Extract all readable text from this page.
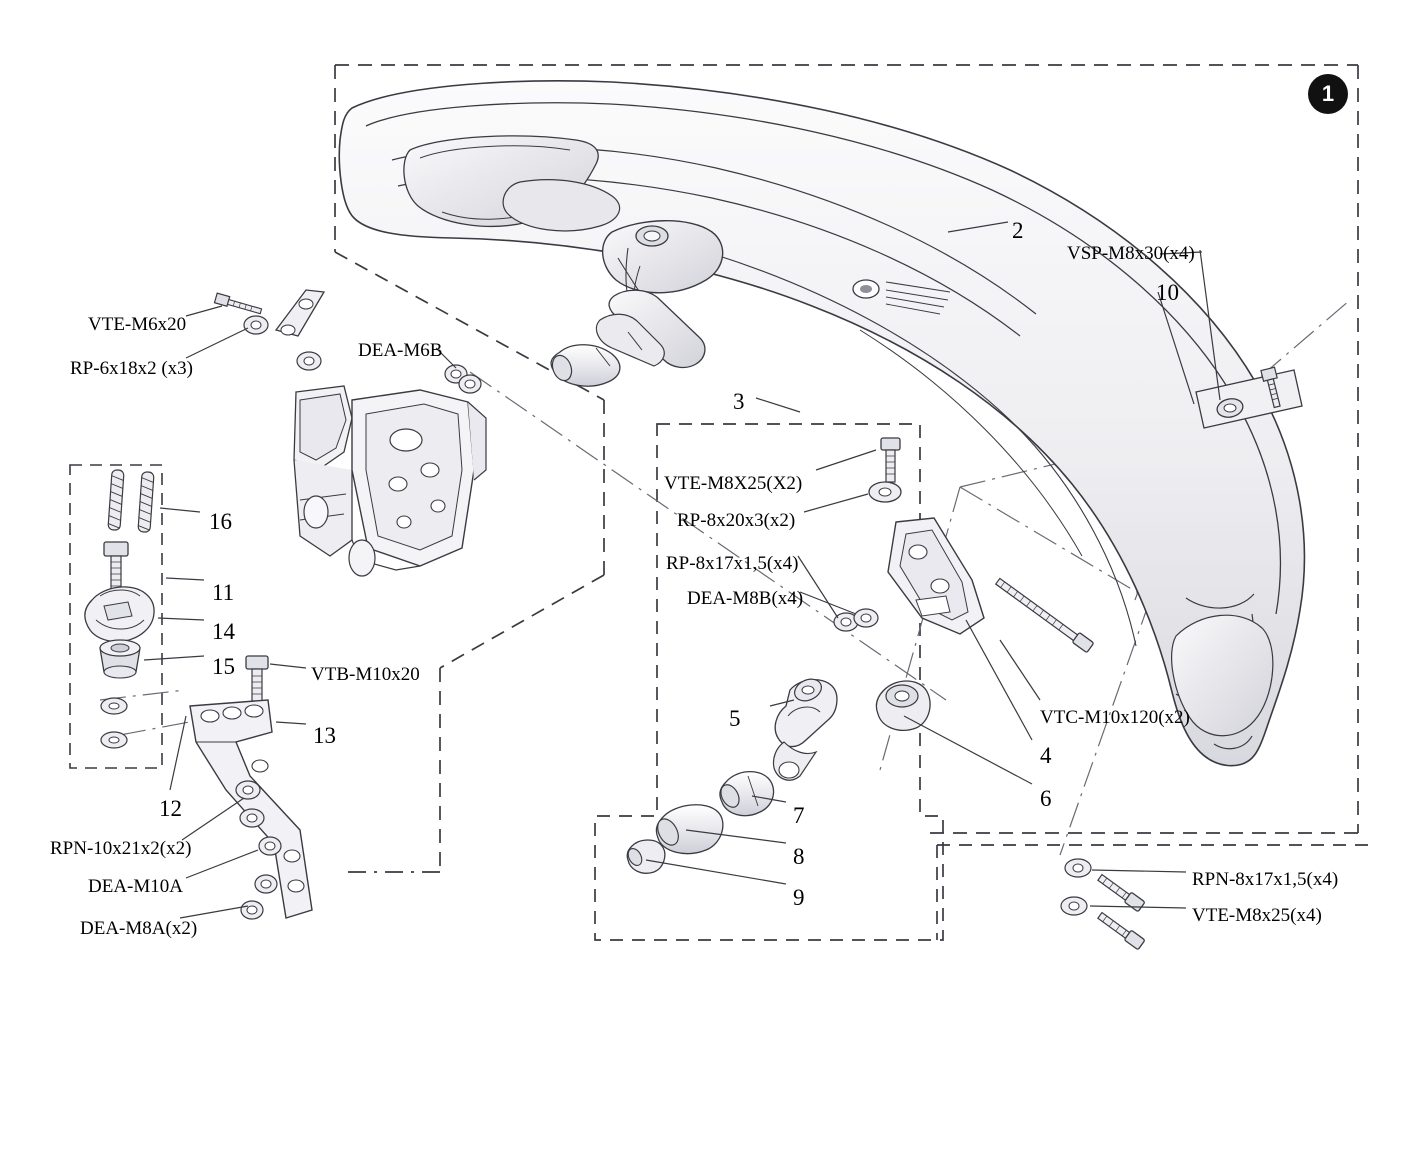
1
2
10
3
16
11
14
15
13
12
4
5
6
7
8
9
VTE-M6x20
RP-6x18x2 (x3)
DEA-M6B
VSP-M8x30(x4)
VTE-M8X25(X2)
RP-8x20x3(x2)
RP-8x17x1,5(x4)
DEA-M8B(x4)
VTC-M10x120(x2)
VTB-M10x20
RPN-10x21x2(x2)
DEA-M10A
DEA-M8A(x2)
RPN-8x17x1,5(x4)
VTE-M8x25(x4)
